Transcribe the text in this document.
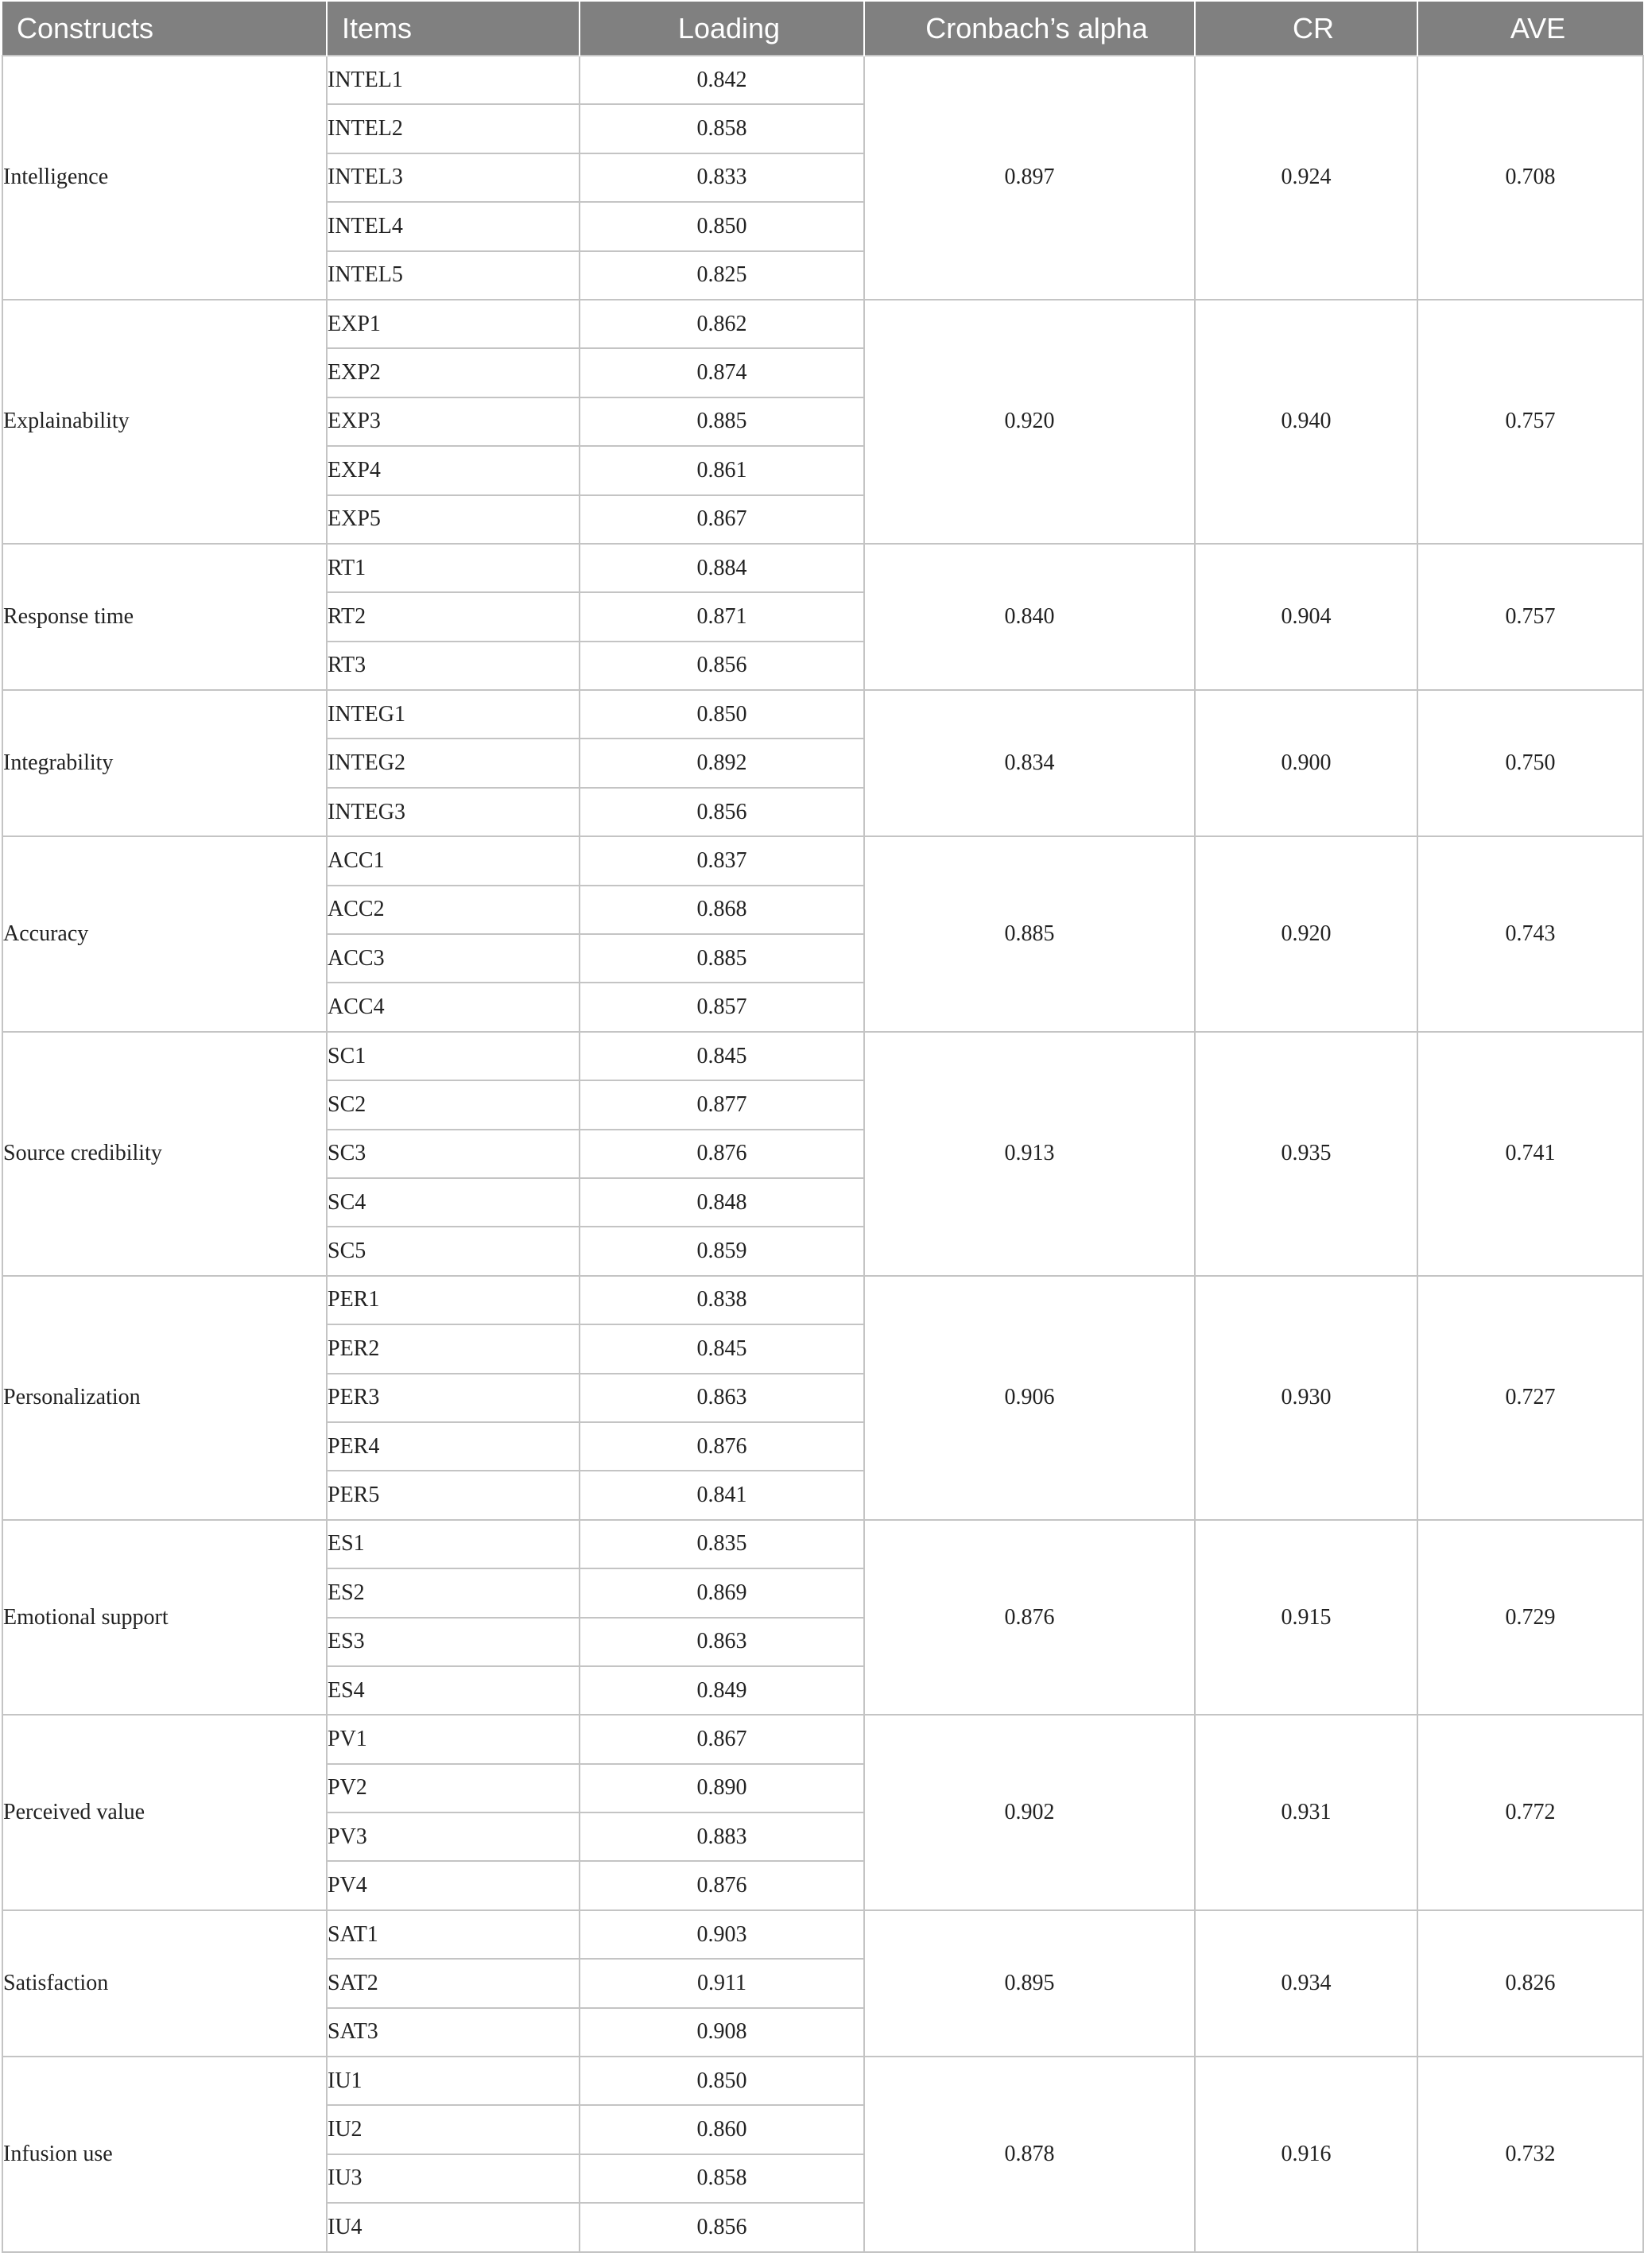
Constructs	Items	Loading	Cronbach’s alpha	CR	AVE
Intelligence	INTEL1	0.842	0.897	0.924	0.708
	INTEL2	0.858			
	INTEL3	0.833			
	INTEL4	0.850			
	INTEL5	0.825			
Explainability	EXP1	0.862	0.920	0.940	0.757
	EXP2	0.874			
	EXP3	0.885			
	EXP4	0.861			
	EXP5	0.867			
Response time	RT1	0.884	0.840	0.904	0.757
	RT2	0.871			
	RT3	0.856			
Integrability	INTEG1	0.850	0.834	0.900	0.750
	INTEG2	0.892			
	INTEG3	0.856			
Accuracy	ACC1	0.837	0.885	0.920	0.743
	ACC2	0.868			
	ACC3	0.885			
	ACC4	0.857			
Source credibility	SC1	0.845	0.913	0.935	0.741
	SC2	0.877			
	SC3	0.876			
	SC4	0.848			
	SC5	0.859			
Personalization	PER1	0.838	0.906	0.930	0.727
	PER2	0.845			
	PER3	0.863			
	PER4	0.876			
	PER5	0.841			
Emotional support	ES1	0.835	0.876	0.915	0.729
	ES2	0.869			
	ES3	0.863			
	ES4	0.849			
Perceived value	PV1	0.867	0.902	0.931	0.772
	PV2	0.890			
	PV3	0.883			
	PV4	0.876			
Satisfaction	SAT1	0.903	0.895	0.934	0.826
	SAT2	0.911			
	SAT3	0.908			
Infusion use	IU1	0.850	0.878	0.916	0.732
	IU2	0.860			
	IU3	0.858			
	IU4	0.856			
